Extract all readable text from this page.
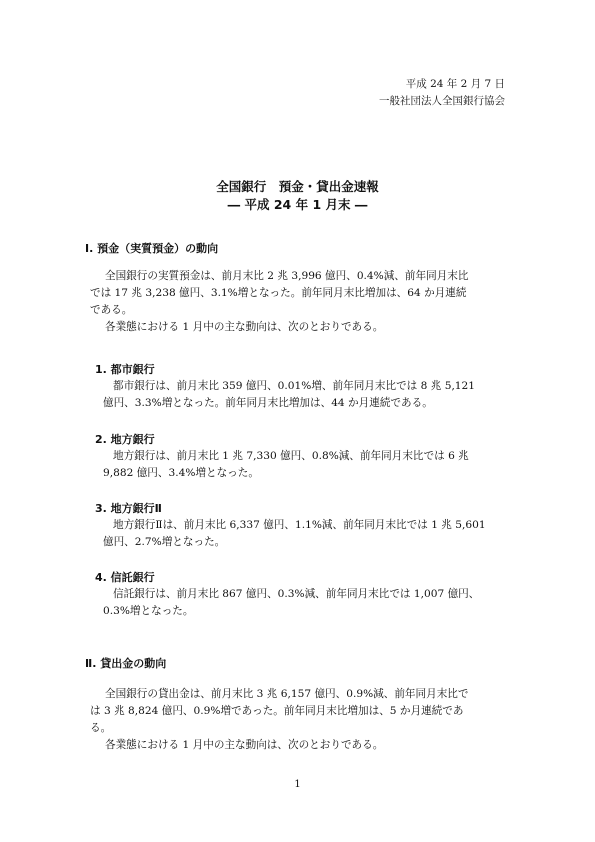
平成 24 年 2 月 7 日
一般社団法人全国銀行協会
全国銀行　預金・貸出金速報
― 平成 24 年 1 月末 ―
Ⅰ. 預金（実質預金）の動向
全国銀行の実質預金は、前月末比 2 兆 3,996 億円、0.4%減、前年同月末比
では 17 兆 3,238 億円、3.1%増となった。前年同月末比増加は、64 か月連続
である。
各業態における 1 月中の主な動向は、次のとおりである。
1. 都市銀行
都市銀行は、前月末比 359 億円、0.01%増、前年同月末比では 8 兆 5,121
億円、3.3%増となった。前年同月末比増加は、44 か月連続である。
2. 地方銀行
地方銀行は、前月末比 1 兆 7,330 億円、0.8%減、前年同月末比では 6 兆
9,882 億円、3.4%増となった。
3. 地方銀行Ⅱ
地方銀行Ⅱは、前月末比 6,337 億円、1.1%減、前年同月末比では 1 兆 5,601
億円、2.7%増となった。
4. 信託銀行
信託銀行は、前月末比 867 億円、0.3%減、前年同月末比では 1,007 億円、
0.3%増となった。
Ⅱ. 貸出金の動向
全国銀行の貸出金は、前月末比 3 兆 6,157 億円、0.9%減、前年同月末比で
は 3 兆 8,824 億円、0.9%増であった。前年同月末比増加は、5 か月連続であ
る。
各業態における 1 月中の主な動向は、次のとおりである。
1
